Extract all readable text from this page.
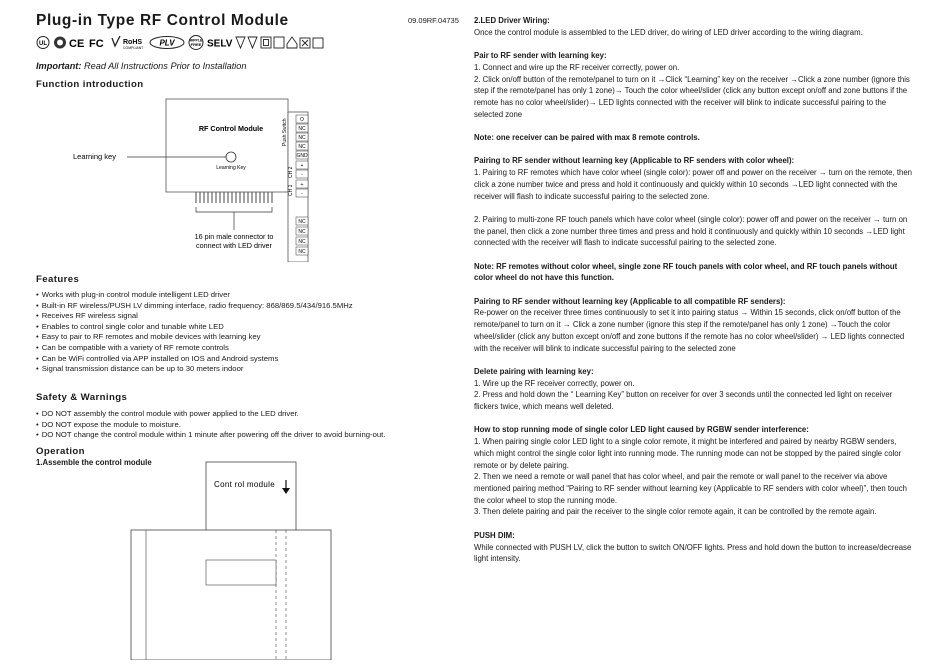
Plug-in Type RF Control Module	09.09RF.04735
UL CE FC	RoHS
COMPLIANT
PLV	RIPPLE
FREE SELV
Important: Read All Instructions Prior to Installation
Function introduction
RF Control Module
Learning Key
Learning key
16 pin male connector to
connect with LED driver
Push Switch
CH 2
CH 1
O
NC
NC
NC
GND
+
-
+
-
NC
NC
NC
NC
Features
• Works with plug-in control module intelligent LED driver
• Built-in RF wireless/PUSH LV dimming interface, radio frequency: 868/869.5/434/916.5MHz
• Receives RF wireless signal
• Enables to control single color and tunable white LED
• Easy to pair to RF remotes and mobile devices with learning key
• Can be compatible with a variety of RF remote controls
• Can be WiFi controlled via APP installed on IOS and Android systems
• Signal transmission distance can be up to 30 meters indoor
Safety & Warnings
• DO NOT assembly the control module with power applied to the LED driver.
• DO NOT expose the module to moisture.
• DO NOT change the control module within 1 minute after powering off the driver to avoid burning-out.
Operation
1.Assemble the control module
Cont rol module

2.LED Driver Wiring:

Once the control module is assembled to the LED driver, do wiring of LED driver according to the wiring diagram.

Pair to RF sender with learning key:

1. Connect and wire up the RF receiver correctly, power on.

2. Click on/off button of the remote/panel to turn on it →Click “Learning” key on the receiver →Click a zone number (ignore this step if the remote/panel has only 1 zone)→ Touch the color wheel/slider (click any button except on/off and zone buttons if the remote has no color wheel/slider)→ LED lights connected with the receiver will blink to indicate successful pairing to the selected zone

Note: one receiver can be paired with max 8 remote controls.

Pairing to RF sender without learning key (Applicable to RF senders with color wheel):

1. Pairing to RF remotes which have color wheel (single color): power off and power on the receiver → turn on the remote, then click a zone number twice and press and hold it continuously and quickly within 10 seconds →LED light connected with the receiver will flash to indicate successful pairing to the selected zone.

2. Pairing to multi-zone RF touch panels which have color wheel (single color): power off and power on the receiver → turn on the panel, then click a zone number three times and press and hold it continuously and quickly within 10 seconds →LED light connected with the receiver will flash to indicate successful pairing to the selected zone.

Note: RF remotes without color wheel, single zone RF touch panels with color wheel, and RF touch panels without color wheel do not have this function.

Pairing to RF sender without learning key (Applicable to all compatible RF senders):

Re-power on the receiver three times continuously to set it into pairing status → Within 15 seconds, click on/off button of the remote/panel to turn on it → Click a zone number (ignore this step if the remote/panel has only 1 zone) →Touch the color wheel/slider (click any button except on/off and zone buttons if the remote has no color wheel/slider) → LED lights connected with the receiver will blink to indicate successful pairing to the selected zone

Delete pairing with learning key:

1. Wire up the RF receiver correctly, power on.

2. Press and hold down the “ Learning Key” button on receiver for over 3 seconds until the connected led light on receiver flickers twice, which means well deleted.

How to stop running mode of single color LED light caused by RGBW sender interference:

1. When pairing single color LED light to a single color remote, it might be interfered and paired by nearby RGBW senders, which might control the single color light into running mode. The running mode can not be stopped by the paired single color remote or by delete pairing.

2. Then we need a remote or wall panel that has color wheel, and pair the remote or wall panel to the receiver via above mentioned pairing method “Pairing to RF sender without learning key (Applicable to RF senders with color wheel)”, then touch the color wheel to stop the running mode.

3. Then delete pairing and pair the receiver to the single color remote again, it can be controlled by the remote again.

PUSH DIM:

While connected with PUSH LV, click the button to switch ON/OFF lights. Press and hold down the button to increase/decrease light intensity.
